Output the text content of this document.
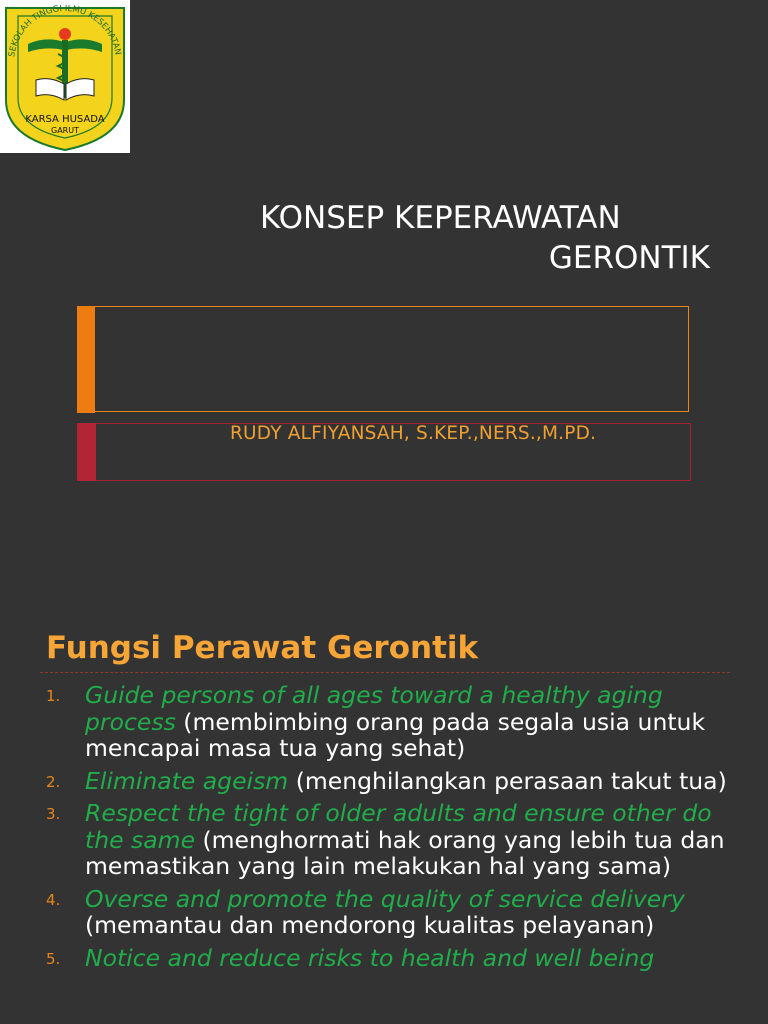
SEKOLAH TINGGI ILMU KESEHATAN
KARSA HUSADA
GARUT
KONSEP KEPERAWATAN
GERONTIK
RUDY ALFIYANSAH, S.KEP.,NERS.,M.PD.
Fungsi Perawat Gerontik
1. Guide persons of all ages toward a healthy aging process (membimbing orang pada segala usia untuk mencapai masa tua yang sehat)
2. Eliminate ageism (menghilangkan perasaan takut tua)
3. Respect the tight of older adults and ensure other do the same (menghormati hak orang yang lebih tua dan memastikan yang lain melakukan hal yang sama)
4. Overse and promote the quality of service delivery (memantau dan mendorong kualitas pelayanan)
5. Notice and reduce risks to health and well being
